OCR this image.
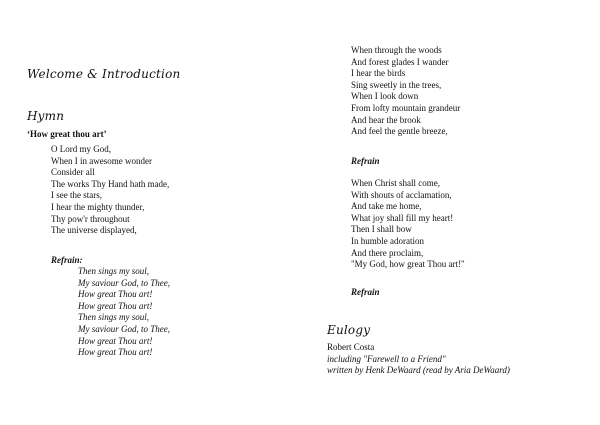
Welcome & Introduction
Hymn
‘How great thou art’
O Lord my God,
When I in awesome wonder
Consider all
The works Thy Hand hath made,
I see the stars,
I hear the mighty thunder,
Thy pow'r throughout
The universe displayed,
Refrain:
Then sings my soul,
My saviour God, to Thee,
How great Thou art!
How great Thou art!
Then sings my soul,
My saviour God, to Thee,
How great Thou art!
How great Thou art!
When through the woods
And forest glades I wander
I hear the birds
Sing sweetly in the trees,
When I look down
From lofty mountain grandeur
And hear the brook
And feel the gentle breeze,
Refrain
When Christ shall come,
With shouts of acclamation,
And take me home,
What joy shall fill my heart!
Then I shall bow
In humble adoration
And there proclaim,
"My God, how great Thou art!"
Refrain
Eulogy
Robert Costa
including "Farewell to a Friend"
written by Henk DeWaard (read by Aria DeWaard)
